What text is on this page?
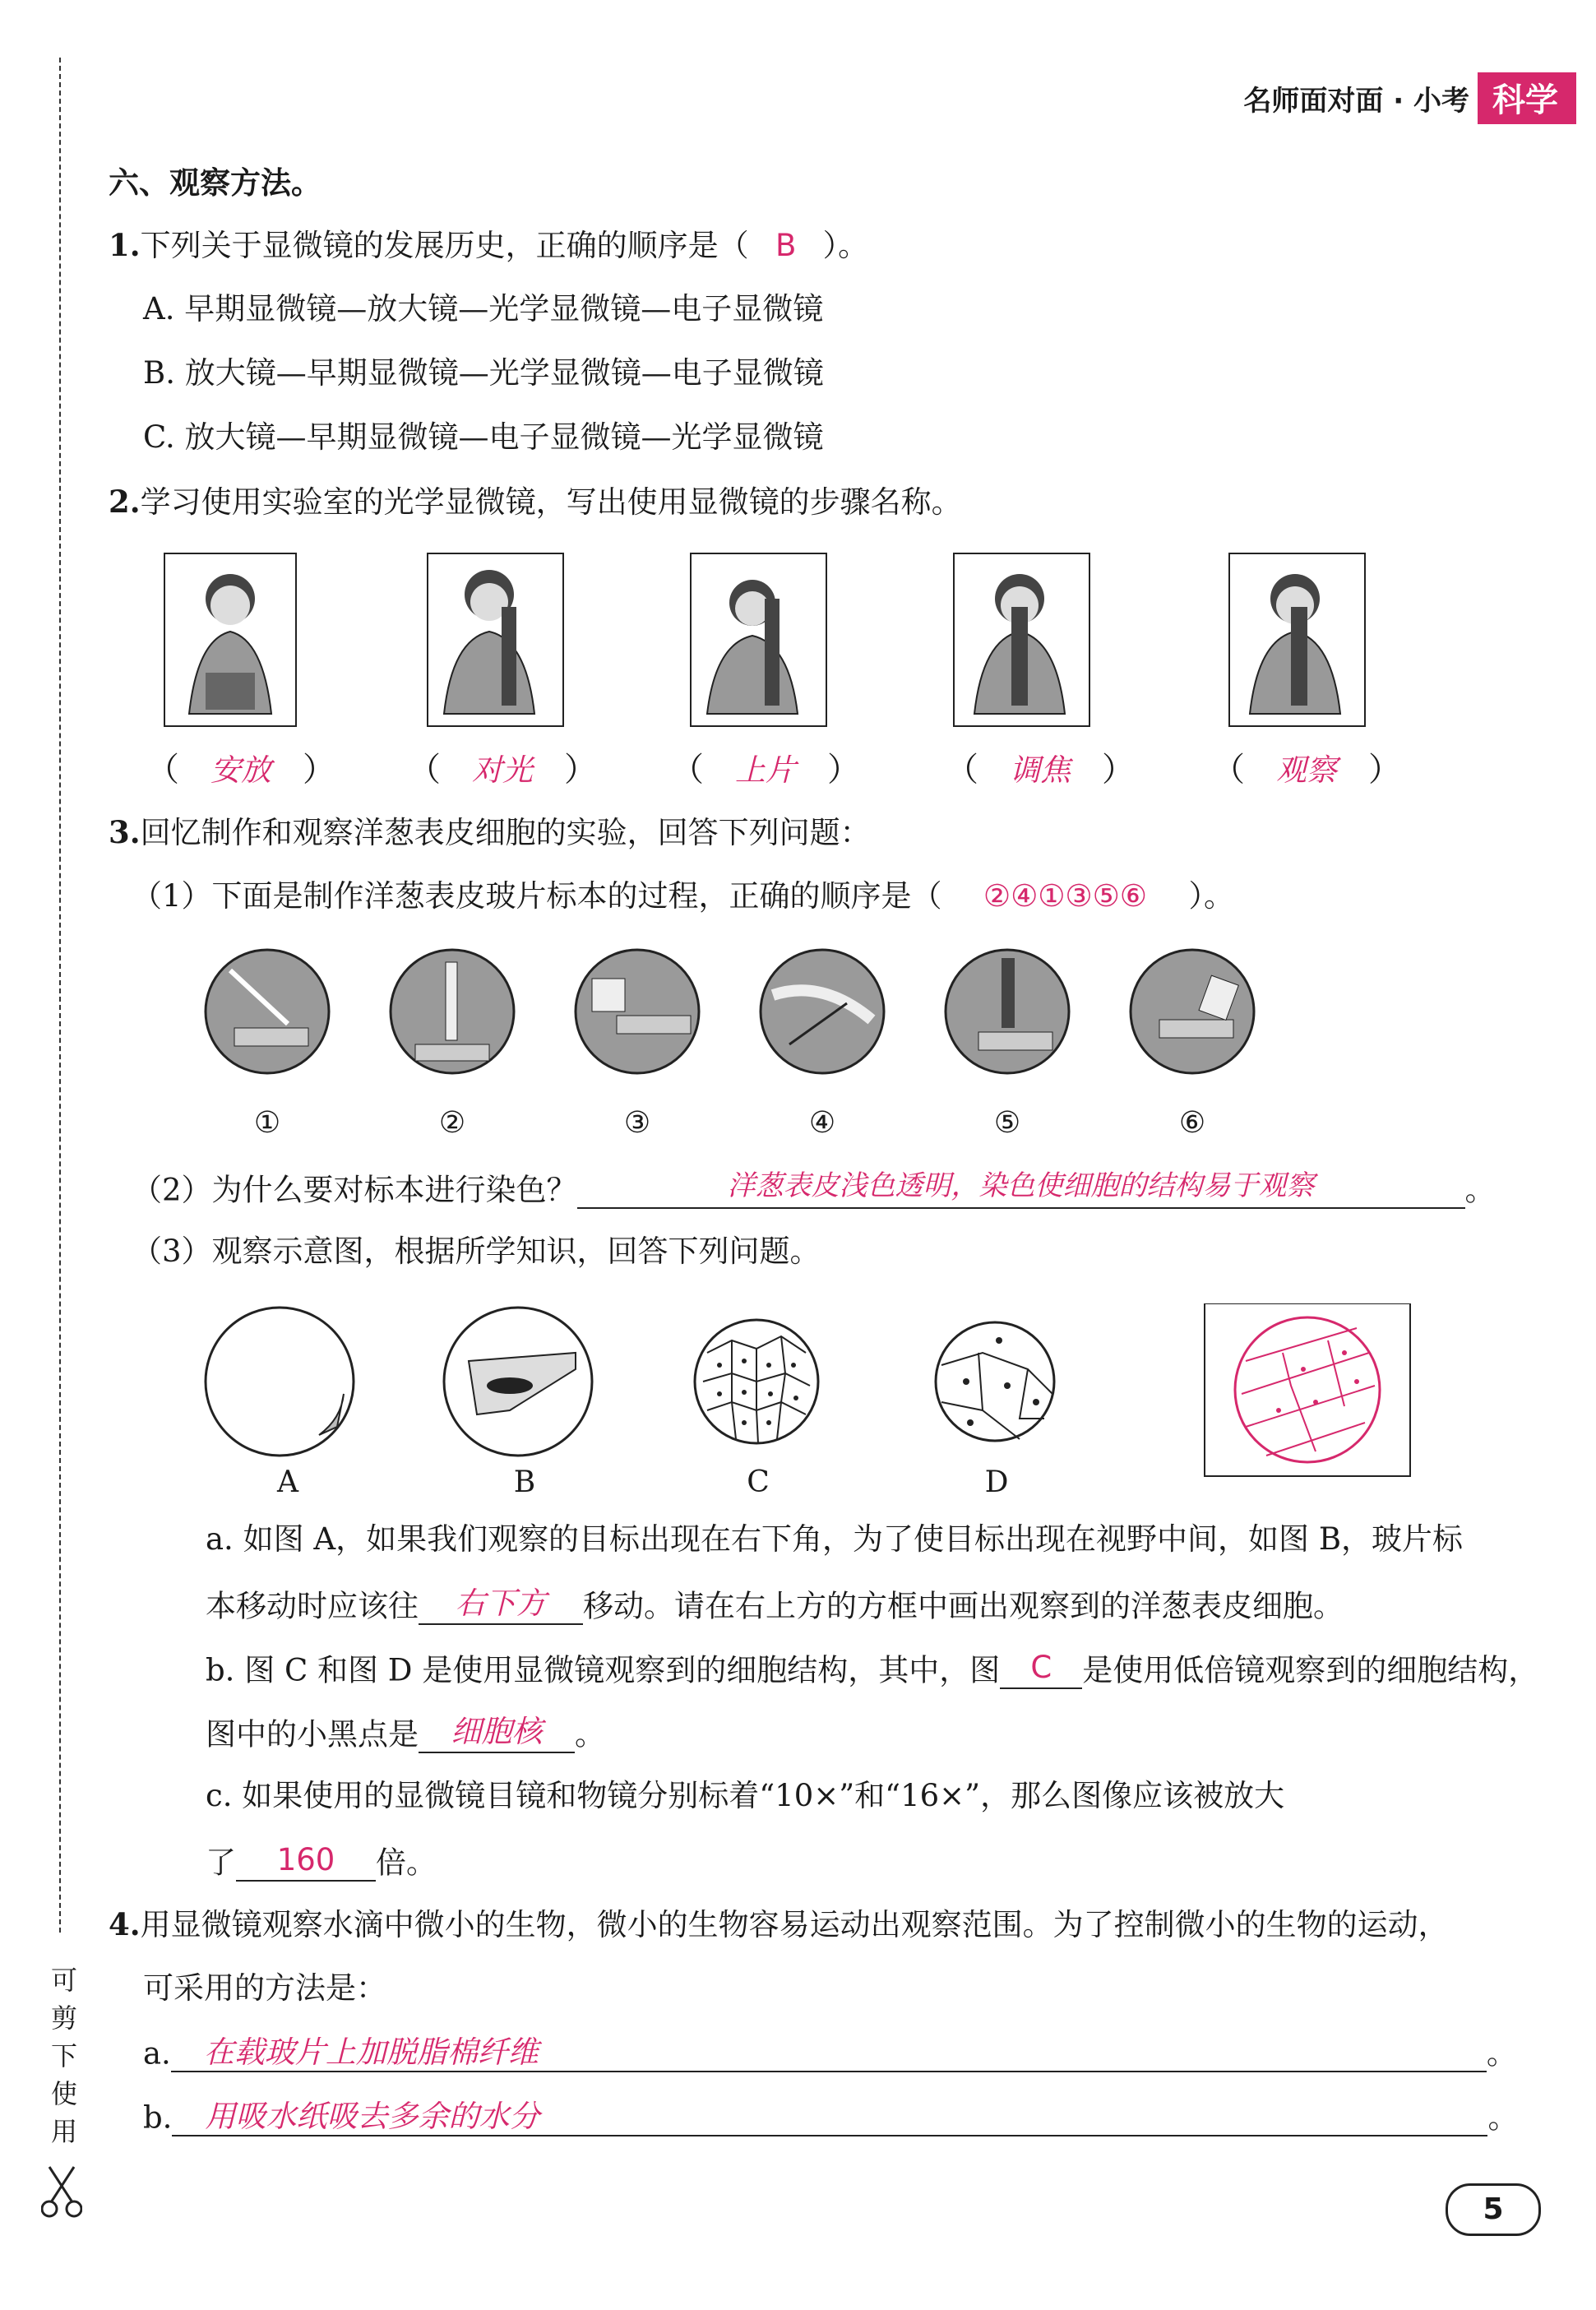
可
剪
下
使
用
名师面对面 · 小考 科学
六、观察方法。
1.下列关于显微镜的发展历史，正确的顺序是（ B ）。
A. 早期显微镜—放大镜—光学显微镜—电子显微镜
B. 放大镜—早期显微镜—光学显微镜—电子显微镜
C. 放大镜—早期显微镜—电子显微镜—光学显微镜
2.学习使用实验室的光学显微镜，写出使用显微镜的步骤名称。
（ 安放 ） （ 对光 ） （ 上片 ）	（ 调焦 ） （ 观察 ）
3.回忆制作和观察洋葱表皮细胞的实验，回答下列问题：
（1）下面是制作洋葱表皮玻片标本的过程，正确的顺序是（ ②④①③⑤⑥ ）。
①	②	③	④	⑤	⑥
（2）为什么要对标本进行染色？	洋葱表皮浅色透明，染色使细胞的结构易于观察	。
（3）观察示意图，根据所学知识，回答下列问题。
A	B	C	D
a. 如图 A，如果我们观察的目标出现在右下角，为了使目标出现在视野中间，如图 B，玻片标
本移动时应该往 右下方 移动。请在右上方的方框中画出观察到的洋葱表皮细胞。
b. 图 C 和图 D 是使用显微镜观察到的细胞结构，其中，图 C 是使用低倍镜观察到的细胞结构，
图中的小黑点是 细胞核 。
c. 如果使用的显微镜目镜和物镜分别标着“10×”和“16×”，那么图像应该被放大
了 160 倍。
4.用显微镜观察水滴中微小的生物，微小的生物容易运动出观察范围。为了控制微小的生物的运动，
可采用的方法是：
a. 在载玻片上加脱脂棉纤维	。
b. 用吸水纸吸去多余的水分	。
5
